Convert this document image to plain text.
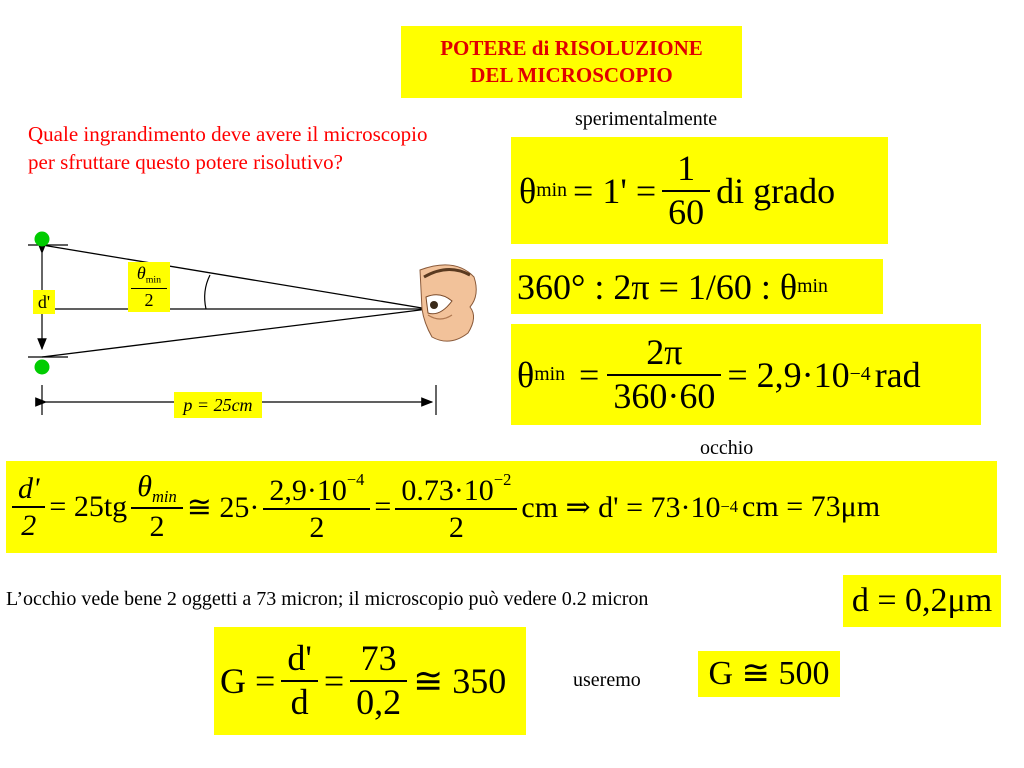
POTERE di RISOLUZIONE
DEL MICROSCOPIO
Quale ingrandimento deve avere il microscopio per sfruttare questo potere risolutivo?
sperimentalmente
θ $\min = 1' = \frac{1}{60}$ di grado
360° : 2π = 1/60 : θ min
θ $\min = \frac{2\pi}{360\cdot 60} = 2,9\cdot 10 -4$ rad
occhio
$\frac{d'}{2} = 25tg \frac{\theta_{min}}{2}$ ≅ $25\cdot \frac{2,9\cdot 10^{-4}}{2} = \frac{0.73\cdot 10^{-2}}{2}$ cm ⇒ d' = 73·10 −4 cm = 73μm
L’occhio vede bene 2 oggetti a 73 micron; il microscopio può vedere 0.2 micron	d = 0,2μm
$G = \frac{d'}{d} = \frac{73}{0,2}$ ≅ 350	useremo	G ≅ 500
d'	$\frac{\theta_{min}}{2}$
p = 25cm
